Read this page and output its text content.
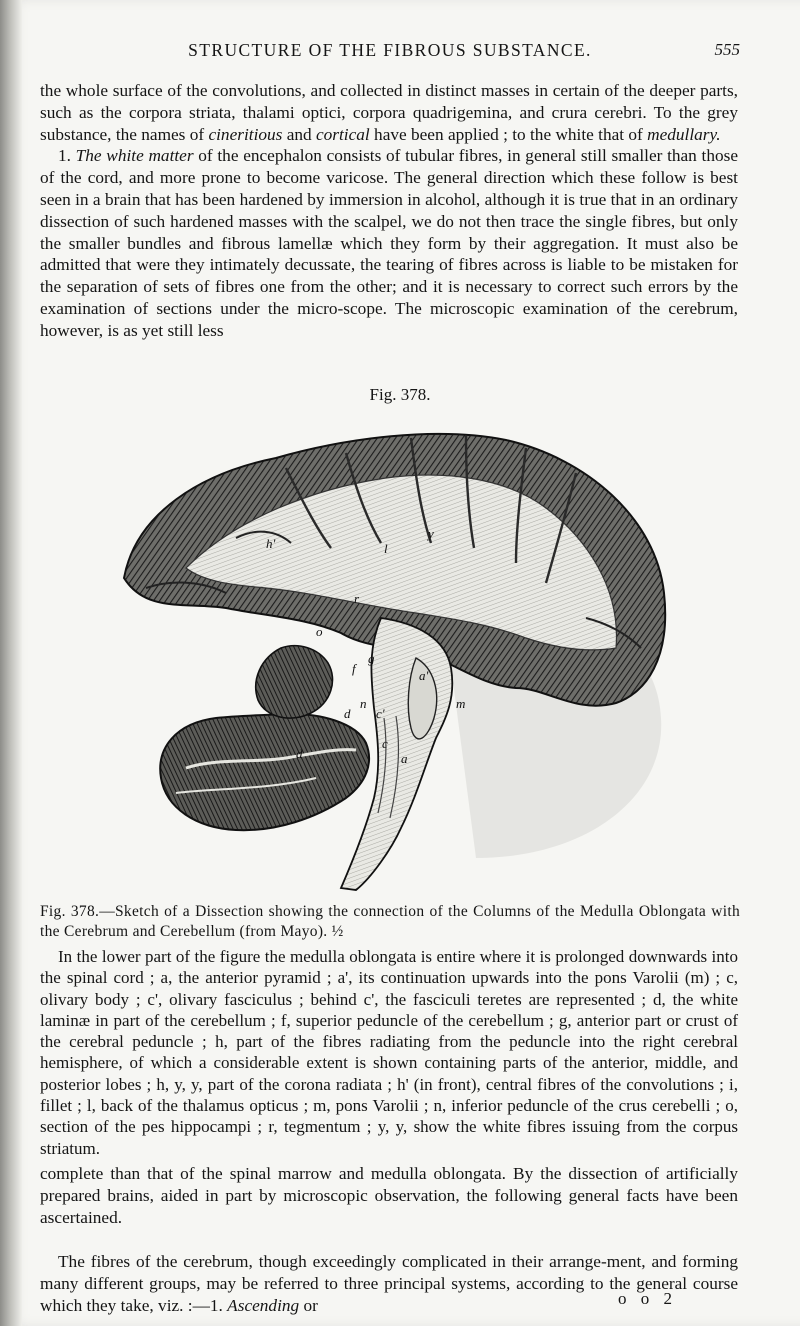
STRUCTURE OF THE FIBROUS SUBSTANCE.	555

the whole surface of the convolutions, and collected in distinct masses in certain of the deeper parts, such as the corpora striata, thalami optici, corpora quadrigemina, and crura cerebri. To the grey substance, the names of cineritious and cortical have been applied ; to the white that of medullary.

1. The white matter of the encephalon consists of tubular fibres, in general still smaller than those of the cord, and more prone to become varicose. The general direction which these follow is best seen in a brain that has been hardened by immersion in alcohol, although it is true that in an ordinary dissection of such hardened masses with the scalpel, we do not then trace the single fibres, but only the smaller bundles and fibrous lamellæ which they form by their aggregation. It must also be admitted that were they intimately decussate, the tearing of fibres across is liable to be mistaken for the separation of sets of fibres one from the other; and it is necessary to correct such errors by the examination of sections under the micro-scope. The microscopic examination of the cerebrum, however, is as yet still less

Fig. 378.
l
y
h'
r
o
f
d
n
g
c
c'
a'
m
a
d
Fig. 378.—Sketch of a Dissection showing the connection of the Columns of the Medulla Oblongata with the Cerebrum and Cerebellum (from Mayo). ½

In the lower part of the figure the medulla oblongata is entire where it is prolonged downwards into the spinal cord ; a, the anterior pyramid ; a', its continuation upwards into the pons Varolii (m) ; c, olivary body ; c', olivary fasciculus ; behind c', the fasciculi teretes are represented ; d, the white laminæ in part of the cerebellum ; f, superior peduncle of the cerebellum ; g, anterior part or crust of the cerebral peduncle ; h, part of the fibres radiating from the peduncle into the right cerebral hemisphere, of which a considerable extent is shown containing parts of the anterior, middle, and posterior lobes ; h, y, y, part of the corona radiata ; h' (in front), central fibres of the convolutions ; i, fillet ; l, back of the thalamus opticus ; m, pons Varolii ; n, inferior peduncle of the crus cerebelli ; o, section of the pes hippocampi ; r, tegmentum ; y, y, show the white fibres issuing from the corpus striatum.

complete than that of the spinal marrow and medulla oblongata. By the dissection of artificially prepared brains, aided in part by microscopic observation, the following general facts have been ascertained.

The fibres of the cerebrum, though exceedingly complicated in their arrange-ment, and forming many different groups, may be referred to three principal systems, according to the general course which they take, viz. :—1. Ascending or	o o 2
